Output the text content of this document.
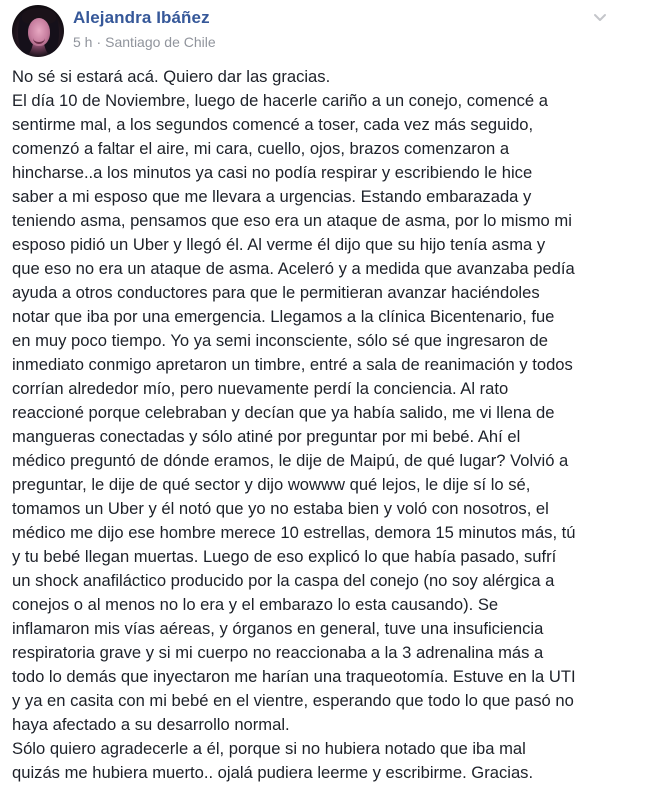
Alejandra Ibáñez
5 h · Santiago de Chile
No sé si estará acá. Quiero dar las gracias.
El día 10 de Noviembre, luego de hacerle cariño a un conejo, comencé a
sentirme mal, a los segundos comencé a toser, cada vez más seguido,
comenzó a faltar el aire, mi cara, cuello, ojos, brazos comenzaron a
hincharse..a los minutos ya casi no podía respirar y escribiendo le hice
saber a mi esposo que me llevara a urgencias. Estando embarazada y
teniendo asma, pensamos que eso era un ataque de asma, por lo mismo mi
esposo pidió un Uber y llegó él. Al verme él dijo que su hijo tenía asma y
que eso no era un ataque de asma. Aceleró y a medida que avanzaba pedía
ayuda a otros conductores para que le permitieran avanzar haciéndoles
notar que iba por una emergencia. Llegamos a la clínica Bicentenario, fue
en muy poco tiempo. Yo ya semi inconsciente, sólo sé que ingresaron de
inmediato conmigo apretaron un timbre, entré a sala de reanimación y todos
corrían alrededor mío, pero nuevamente perdí la conciencia. Al rato
reaccioné porque celebraban y decían que ya había salido, me vi llena de
mangueras conectadas y sólo atiné por preguntar por mi bebé. Ahí el
médico preguntó de dónde eramos, le dije de Maipú, de qué lugar? Volvió a
preguntar, le dije de qué sector y dijo wowww qué lejos, le dije sí lo sé,
tomamos un Uber y él notó que yo no estaba bien y voló con nosotros, el
médico me dijo ese hombre merece 10 estrellas, demora 15 minutos más, tú
y tu bebé llegan muertas. Luego de eso explicó lo que había pasado, sufrí
un shock anafiláctico producido por la caspa del conejo (no soy alérgica a
conejos o al menos no lo era y el embarazo lo esta causando). Se
inflamaron mis vías aéreas, y órganos en general, tuve una insuficiencia
respiratoria grave y si mi cuerpo no reaccionaba a la 3 adrenalina más a
todo lo demás que inyectaron me harían una traqueotomía. Estuve en la UTI
y ya en casita con mi bebé en el vientre, esperando que todo lo que pasó no
haya afectado a su desarrollo normal.
Sólo quiero agradecerle a él, porque si no hubiera notado que iba mal
quizás me hubiera muerto.. ojalá pudiera leerme y escribirme. Gracias.
